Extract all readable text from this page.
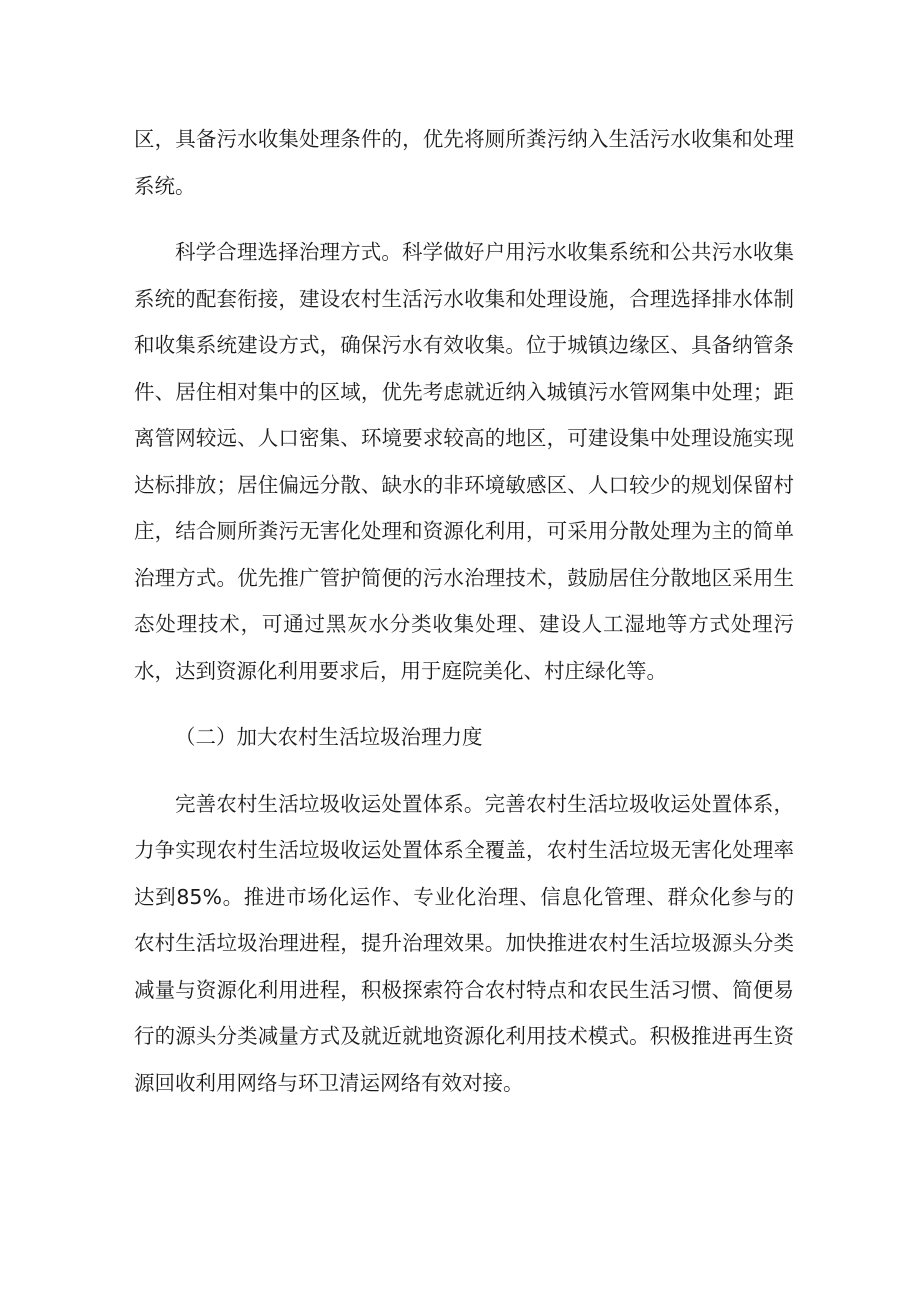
区，具备污水收集处理条件的，优先将厕所粪污纳入生活污水收集和处理系统。

科学合理选择治理方式。科学做好户用污水收集系统和公共污水收集系统的配套衔接，建设农村生活污水收集和处理设施，合理选择排水体制和收集系统建设方式，确保污水有效收集。位于城镇边缘区、具备纳管条件、居住相对集中的区域，优先考虑就近纳入城镇污水管网集中处理；距离管网较远、人口密集、环境要求较高的地区，可建设集中处理设施实现达标排放；居住偏远分散、缺水的非环境敏感区、人口较少的规划保留村庄，结合厕所粪污无害化处理和资源化利用，可采用分散处理为主的简单治理方式。优先推广管护简便的污水治理技术，鼓励居住分散地区采用生态处理技术，可通过黑灰水分类收集处理、建设人工湿地等方式处理污水，达到资源化利用要求后，用于庭院美化、村庄绿化等。

（二）加大农村生活垃圾治理力度

完善农村生活垃圾收运处置体系。完善农村生活垃圾收运处置体系，力争实现农村生活垃圾收运处置体系全覆盖，农村生活垃圾无害化处理率达到85%。推进市场化运作、专业化治理、信息化管理、群众化参与的农村生活垃圾治理进程，提升治理效果。加快推进农村生活垃圾源头分类减量与资源化利用进程，积极探索符合农村特点和农民生活习惯、简便易行的源头分类减量方式及就近就地资源化利用技术模式。积极推进再生资源回收利用网络与环卫清运网络有效对接。
